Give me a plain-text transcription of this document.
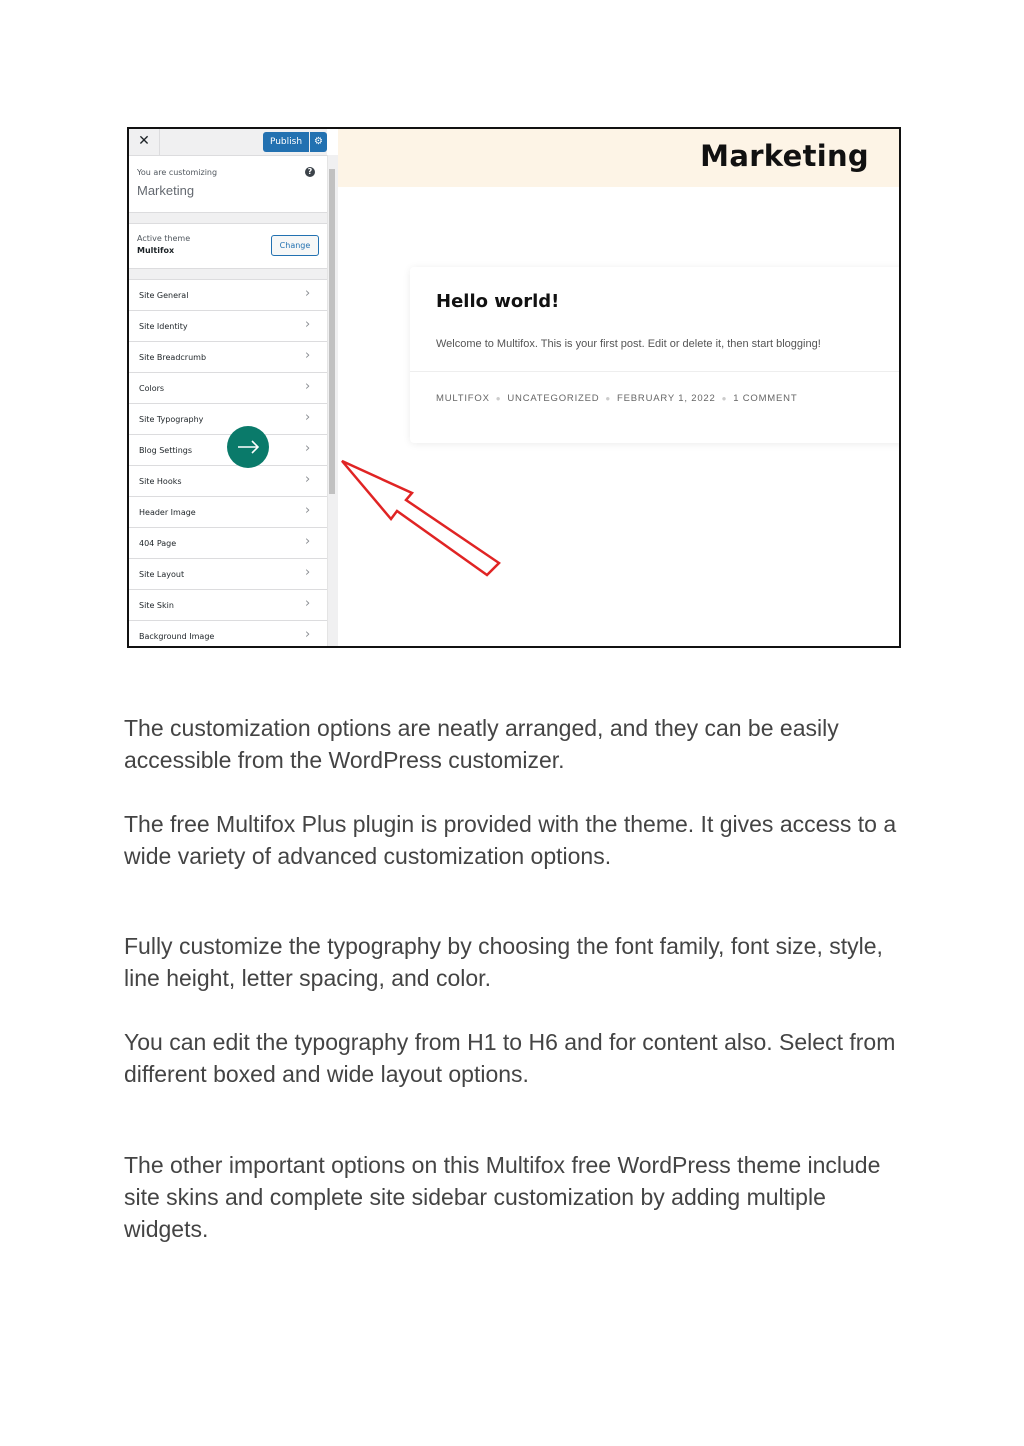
✕	Publish	⚙
You are customizing
Marketing
?
Active theme
Multifox
Change
Site General	›
Site Identity	›
Site Breadcrumb	›
Colors	›
Site Typography	›
Blog Settings	›
Site Hooks	›
Header Image	›
404 Page	›
Site Layout	›
Site Skin	›
Background Image	›
Marketing
Hello world!
Welcome to Multifox. This is your first post. Edit or delete it, then start blogging!
MULTIFOX ● UNCATEGORIZED ● FEBRUARY 1, 2022 ● 1 COMMENT

The customization options are neatly arranged, and they can be easily accessible from the WordPress customizer.

The free Multifox Plus plugin is provided with the theme. It gives access to a wide variety of advanced customization options.

Fully customize the typography by choosing the font family, font size, style, line height, letter spacing, and color.

You can edit the typography from H1 to H6 and for content also. Select from different boxed and wide layout options.

The other important options on this Multifox free WordPress theme include site skins and complete site sidebar customization by adding multiple widgets.
